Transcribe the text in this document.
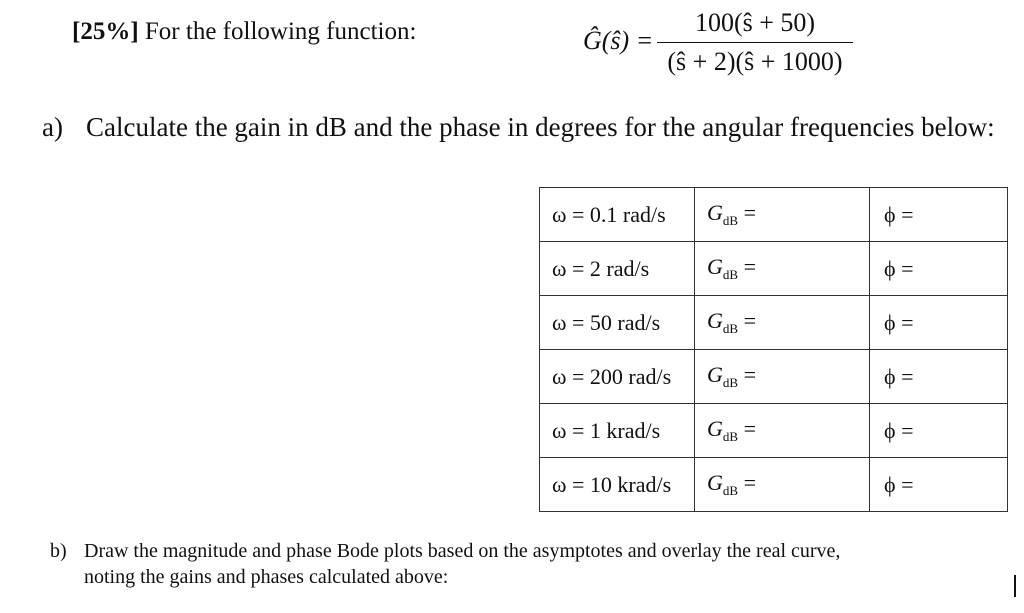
[25%] For the following function:	Ĝ(ŝ) =
100(ŝ + 50)
(ŝ + 2)(ŝ + 1000)
a) Calculate the gain in dB and the phase in degrees for the angular frequencies below:
ω = 0.1 rad/s	$G_{dB}$ =	ϕ =
ω = 2 rad/s	$G_{dB}$ =	ϕ =
ω = 50 rad/s	$G_{dB}$ =	ϕ =
ω = 200 rad/s	$G_{dB}$ =	ϕ =
ω = 1 krad/s	$G_{dB}$ =	ϕ =
ω = 10 krad/s	$G_{dB}$ =	ϕ =
b) Draw the magnitude and phase Bode plots based on the asymptotes and overlay the real curve,
noting the gains and phases calculated above:
